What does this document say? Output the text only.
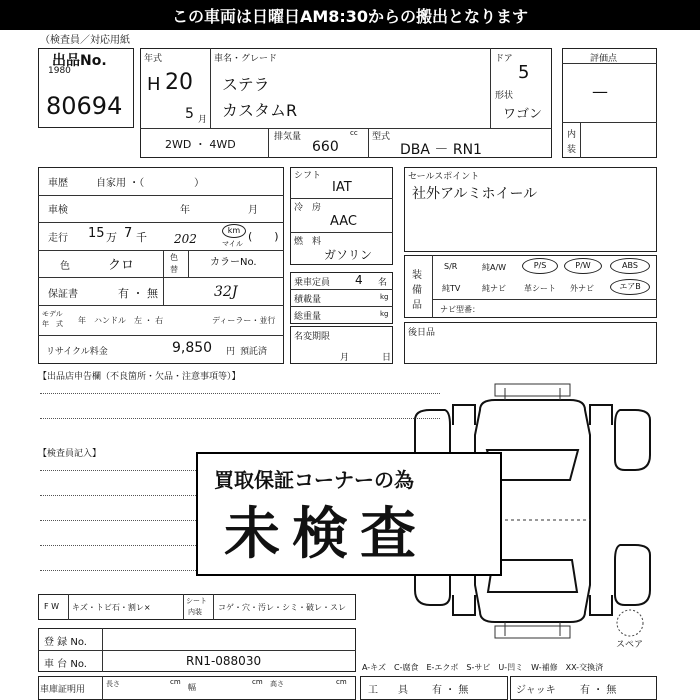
この車両は日曜日AM8:30からの搬出となります
（検査員／対応用紙
出品No.
1980
80694
年式
H 20
5 月
車名・グレード
ステラ
カスタムR
ドア
5
形状
ワゴン
2WD ・ 4WD
排気量	cc
660
型式
DBA － RN1
評価点
—
内
装
車歴	自家用 ・（　　　　　）
車検	年	月
走行 15 万 7 千 202
km
マイル
(　　)
色	クロ
色
替
カラーNo.
保証書	有 ・ 無	32J
モデル
年　式 年 ハンドル　左 ・ 右	ディーラー・並行
リサイクル料金	9,850 円 預託済
シフト
IAT
冷　房
AAC
燃　料
ガソリン
乗車定員 4 名
積載量	kg
総重量	kg
名変期限
月	日
セールスポイント
社外アルミホイール
装
備
品
S/R	純A/W	P/S	P/W	ABS
純TV	純ナビ 革シート 外ナビ	エアB
ナビ型番：
後日品
【出品店申告欄（不良箇所・欠品・注意事項等）】
【検査員記入】
スペア
買取保証コーナーの為
未検査
F W キズ・トビ石・割レ×
シート
内装 コゲ・穴・汚レ・シミ・破レ・スレ
登 録 No.
車 台 No.	RN1-088030	A-キズ　C-腐食　E-エクボ　S-サビ　U-凹ミ　W-補修　XX-交換済
車庫証明用
長さ	cm
幅
cm 高さ	cm
工　　具 有 ・ 無	ジャッキ 有 ・ 無
